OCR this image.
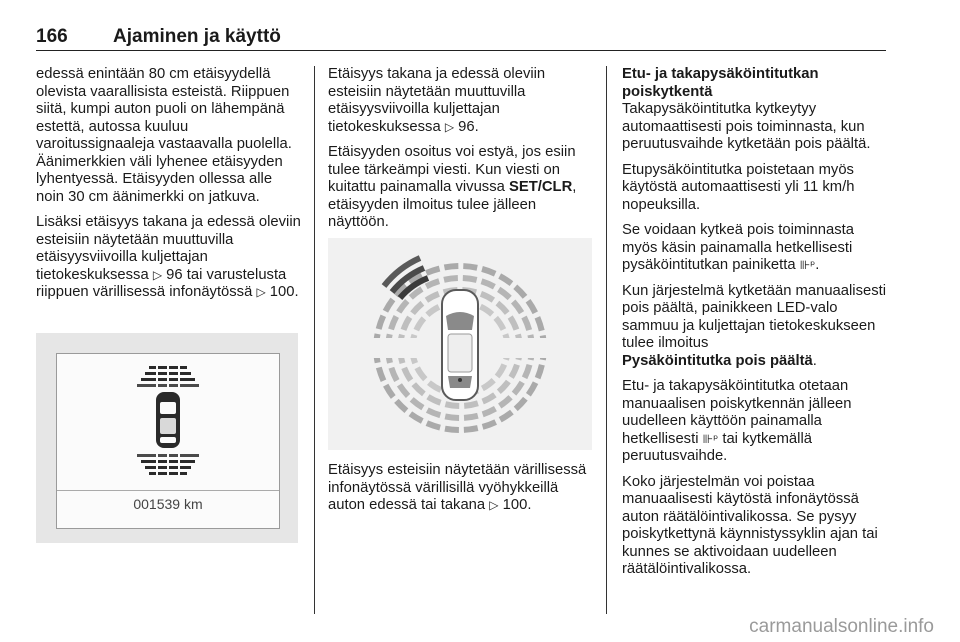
166 Ajaminen ja käyttö

edessä enintään 80 cm etäisyydellä olevista vaarallisista esteistä. Riippuen siitä, kumpi auton puoli on lähempänä estettä, autossa kuuluu varoitussignaaleja vastaavalla puolella. Äänimerkkien väli lyhenee etäisyyden lyhentyessä. Etäisyyden ollessa alle noin 30 cm äänimerkki on jatkuva.

Lisäksi etäisyys takana ja edessä oleviin esteisiin näytetään muuttuvilla etäisyysviivoilla kuljettajan tietokeskuksessa ▷ 96 tai varustelusta riippuen värillisessä infonäytössä ▷ 100.

001539 km

Etäisyys takana ja edessä oleviin esteisiin näytetään muuttuvilla etäisyysviivoilla kuljettajan tietokeskuksessa ▷ 96.

Etäisyyden osoitus voi estyä, jos esiin tulee tärkeämpi viesti. Kun viesti on kuitattu painamalla vivussa SET/CLR, etäisyyden ilmoitus tulee jälleen näyttöön.

Etäisyys esteisiin näytetään värillisessä infonäytössä värillisillä vyöhykkeillä auton edessä tai takana ▷ 100.

Etu- ja takapysäköintitutkan poiskytkentä

Takapysäköintitutka kytkeytyy automaattisesti pois toiminnasta, kun peruutusvaihde kytketään pois päältä.

Etupysäköintitutka poistetaan myös käytöstä automaattisesti yli 11 km/h nopeuksilla.

Se voidaan kytkeä pois toiminnasta myös käsin painamalla hetkellisesti pysäköintitutkan painiketta ⊪ᵖ.

Kun järjestelmä kytketään manuaalisesti pois päältä, painikkeen LED-valo sammuu ja kuljettajan tietokeskukseen tulee ilmoitus
Pysäköintitutka pois päältä.

Etu- ja takapysäköintitutka otetaan manuaalisen poiskytkennän jälleen uudelleen käyttöön painamalla hetkellisesti ⊪ᵖ tai kytkemällä peruutusvaihde.

Koko järjestelmän voi poistaa manuaalisesti käytöstä infonäytössä auton räätälöintivalikossa. Se pysyy poiskytkettynä käynnistyssyklin ajan tai kunnes se aktivoidaan uudelleen räätälöintivalikossa.

carmanualsonline.info
